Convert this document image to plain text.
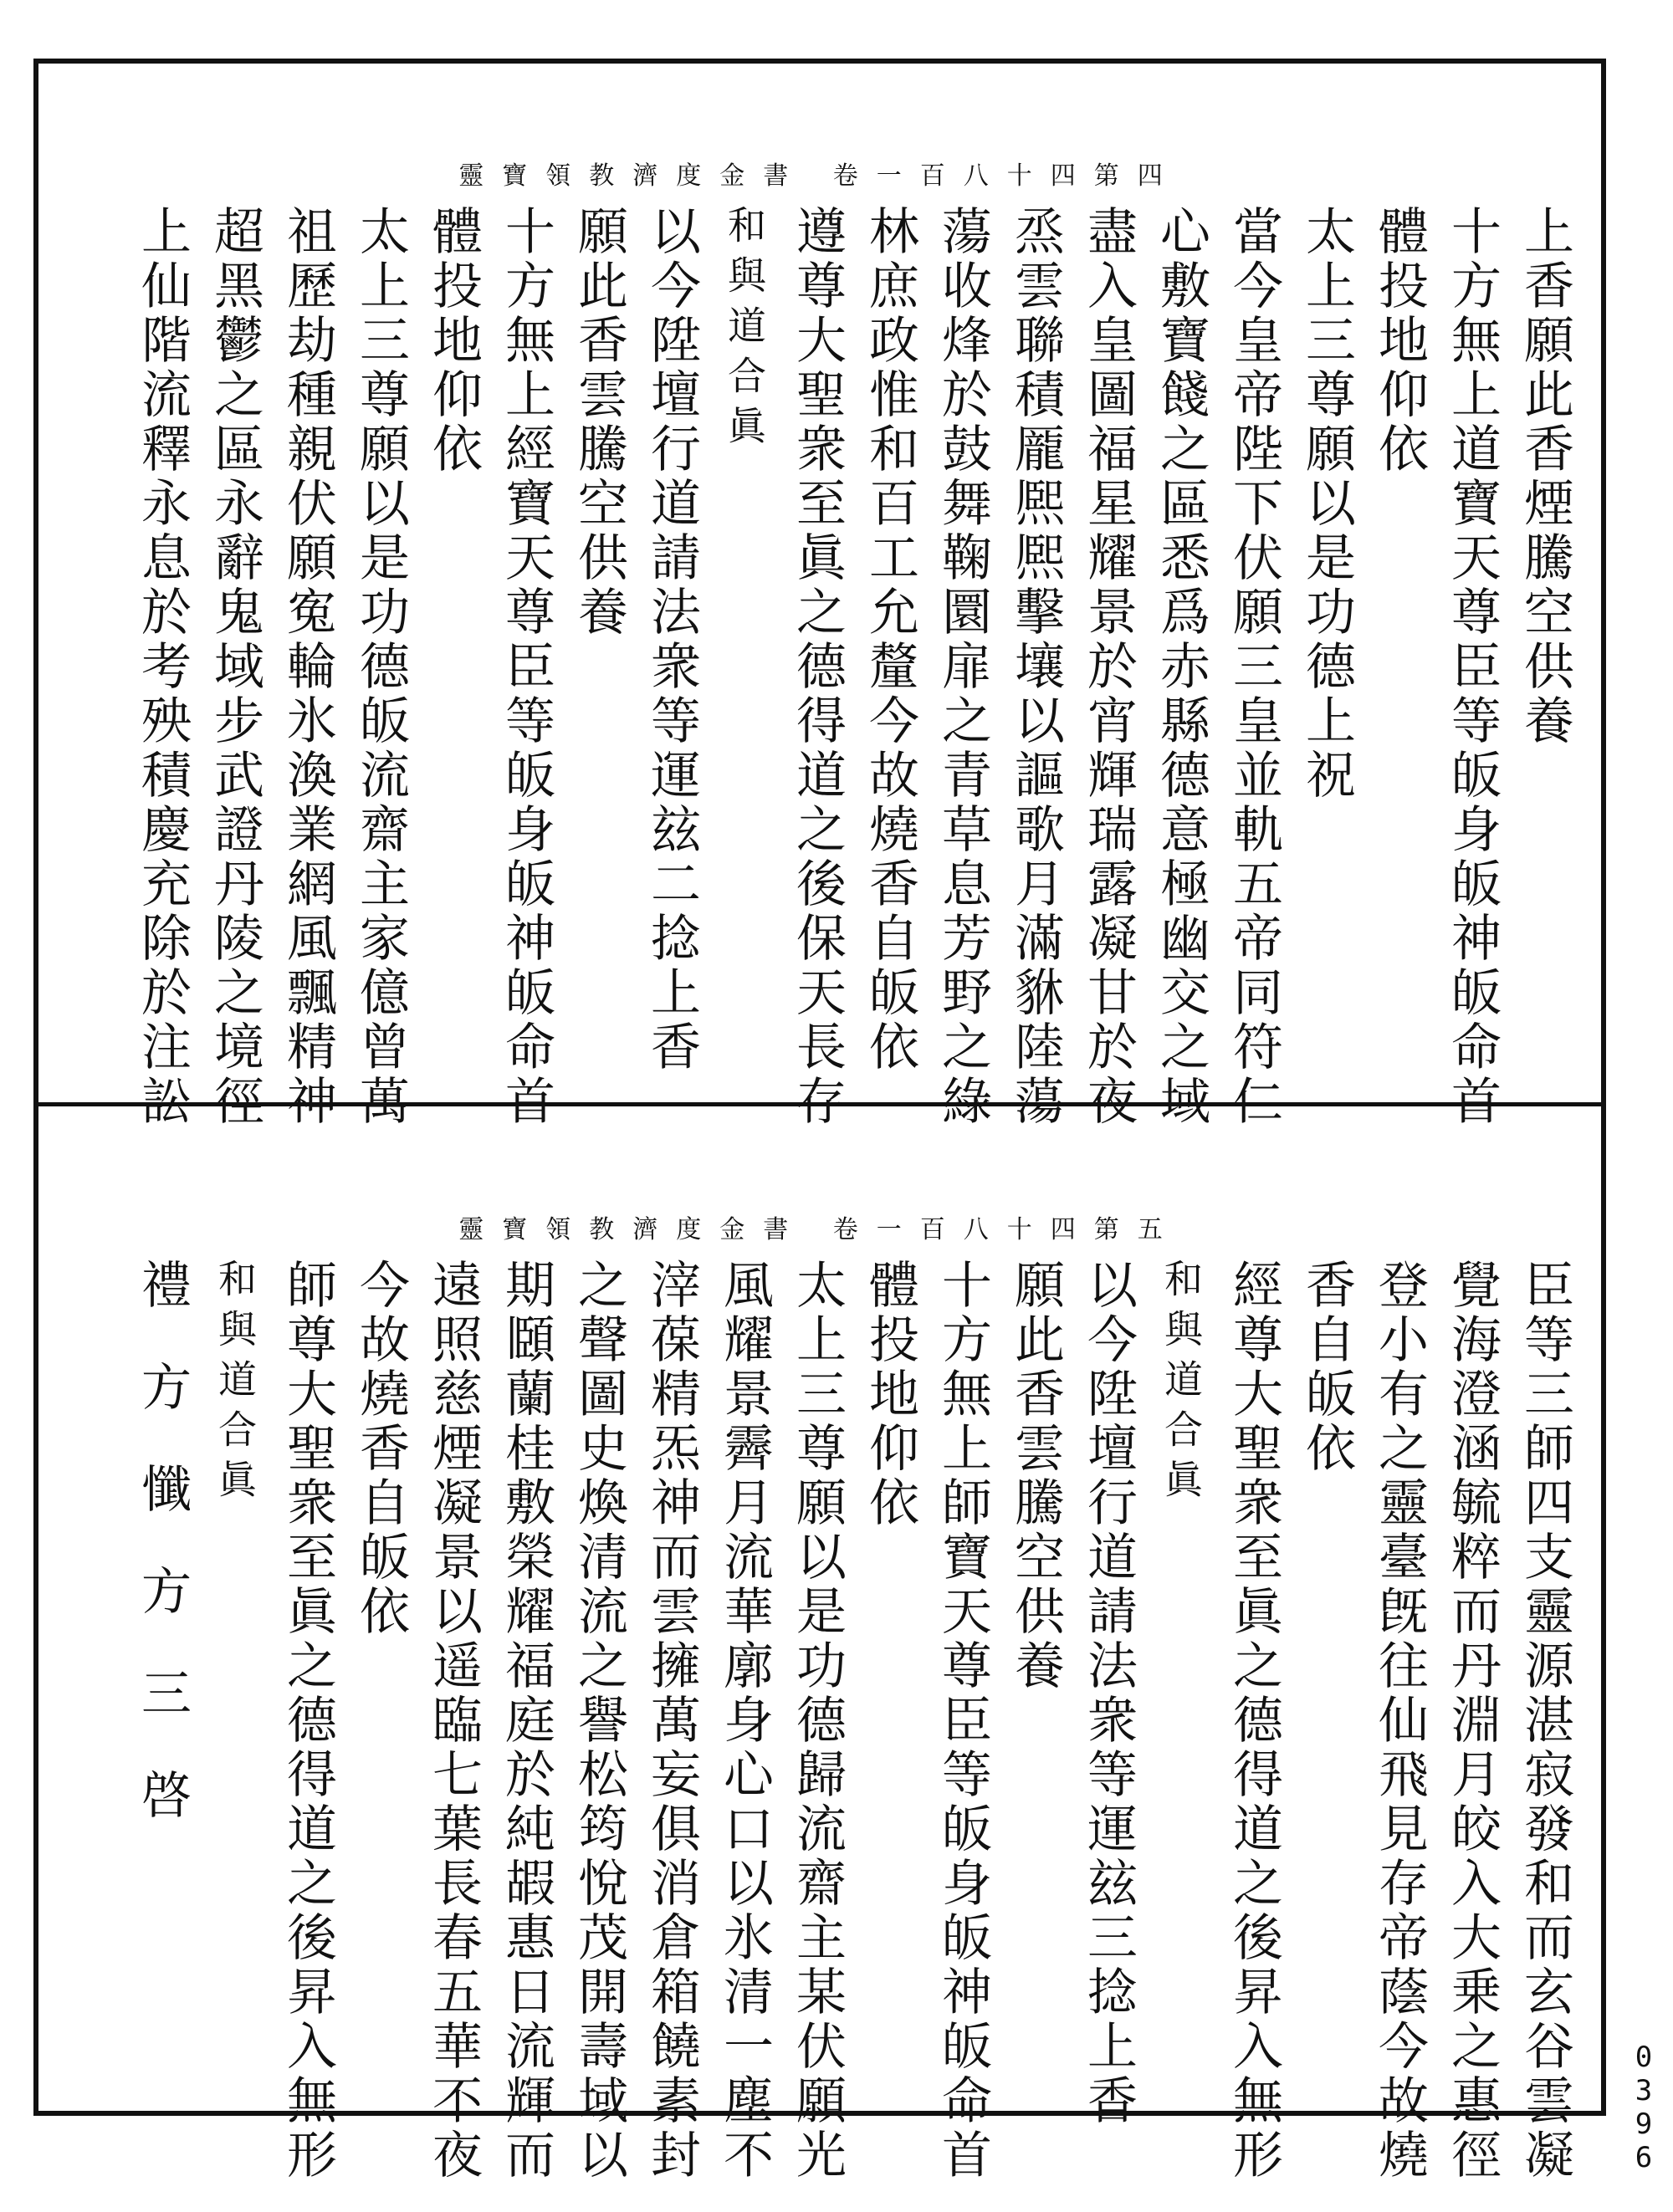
靈寶領教濟度金書 卷一百八十四第四
上香願此香煙騰空供養
十方無上道寶天尊臣等皈身皈神皈命首
體投地仰依
太上三尊願以是功德上祝
當今皇帝陛下伏願三皇並軌五帝同符仁
心敷寶餞之區悉爲赤縣德意極幽交之域
盡入皇圖福星耀景於宵輝瑞露凝甘於夜
烝雲聯積龎熈熈擊壤以謳歌月滿貅陸蕩
蕩收烽於鼓舞鞠圜扉之青草息芳野之綠
林庶政惟和百工允釐今故燒香自皈依
遵尊大聖衆至眞之德得道之後保天長存
和與道合眞
以今陞壇行道請法衆等運玆二捻上香
願此香雲騰空供養
十方無上經寶天尊臣等皈身皈神皈命首
體投地仰依
太上三尊願以是功德皈流齋主家億曾萬
祖歷劫種親伏願寃輪氷渙業網風飄精神
超黑鬱之區永辭鬼域步武證丹陵之境徑
上仙階流釋永息於考殃積慶充除於注訟
靈寶領教濟度金書 卷一百八十四第五
臣等三師四支靈源湛寂發和而玄谷雲凝
覺海澄涵毓粹而丹淵月皎入大乗之惠徑
登小有之靈臺旣往仙飛見存帝蔭今故燒
香自皈依
經尊大聖衆至眞之德得道之後昇入無形
和與道合眞
以今陞壇行道請法衆等運玆三捻上香
願此香雲騰空供養
十方無上師寶天尊臣等皈身皈神皈命首
體投地仰依
太上三尊願以是功德歸流齋主某伏願光
風耀景霽月流華廓身心口以氷清一塵不
滓葆精炁神而雲擁萬妄俱消倉箱饒素封
之聲圖史煥清流之譽松筠悅茂開壽域以
期頥蘭桂敷榮耀福庭於純嘏惠日流輝而
遠照慈煙凝景以遥臨七葉長春五華不夜
今故燒香自皈依
師尊大聖衆至眞之德得道之後昇入無形
和與道合眞
禮方懺方三啓
0396
